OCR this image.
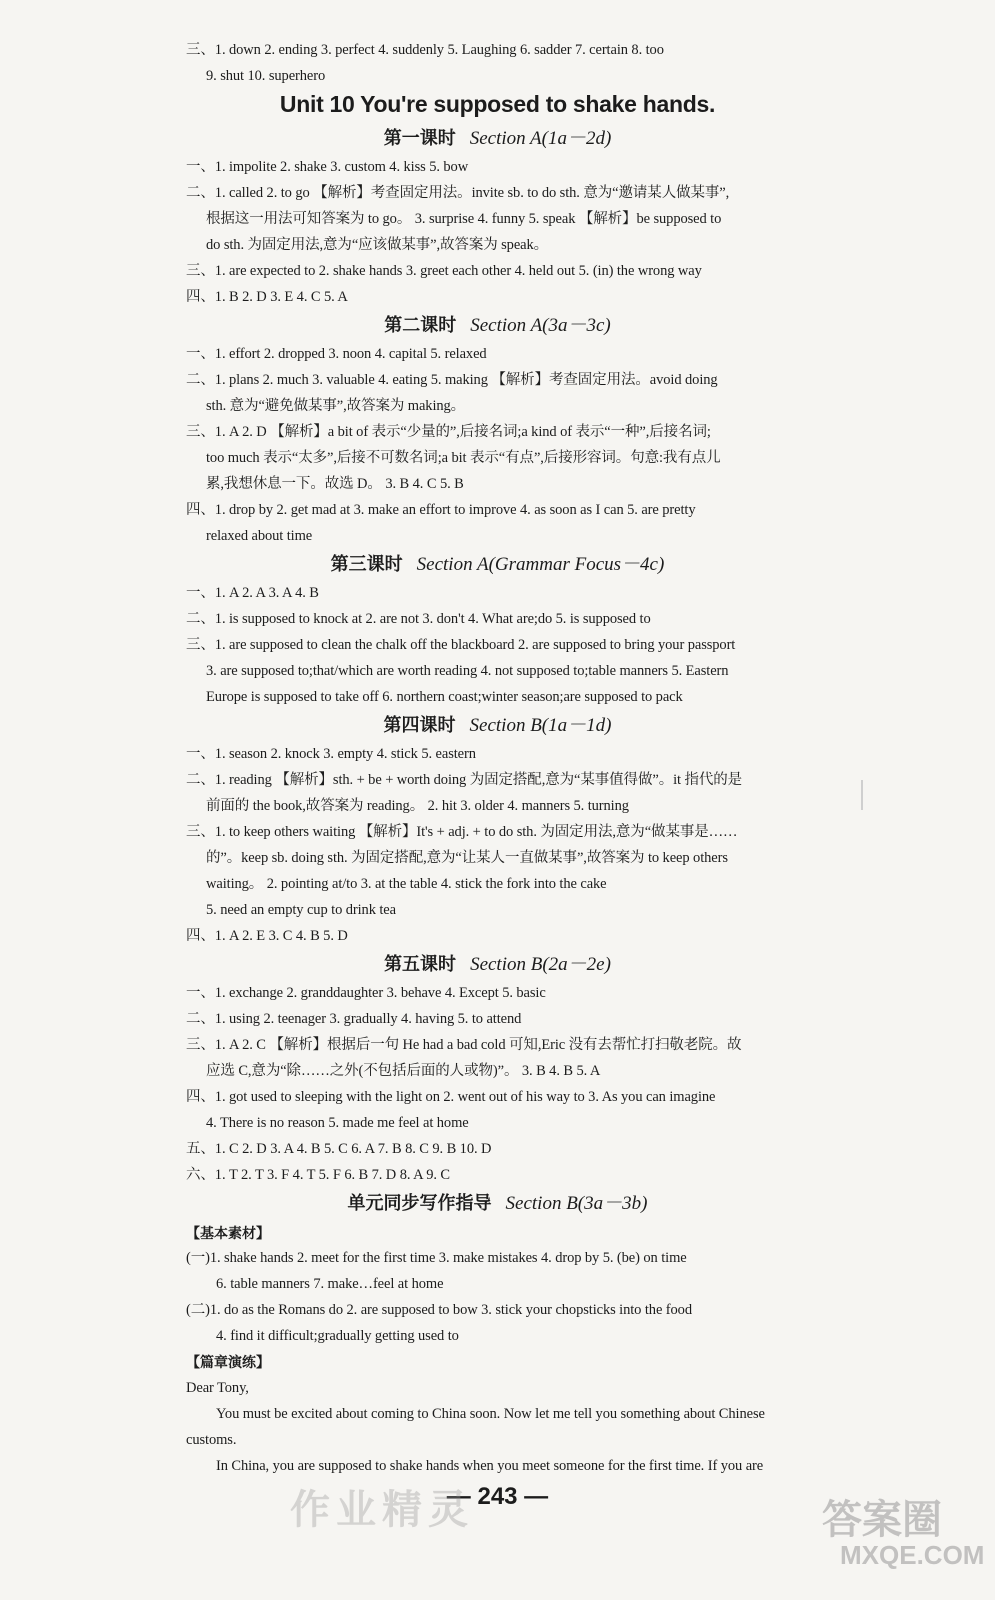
三、1. down 2. ending 3. perfect 4. suddenly 5. Laughing 6. sadder 7. certain 8. too
9. shut 10. superhero
Unit 10 You're supposed to shake hands.
第一课时 Section A(1a－2d)
一、1. impolite 2. shake 3. custom 4. kiss 5. bow
二、1. called 2. to go 【解析】考查固定用法。invite sb. to do sth. 意为“邀请某人做某事”,
根据这一用法可知答案为 to go。 3. surprise 4. funny 5. speak 【解析】be supposed to
do sth. 为固定用法,意为“应该做某事”,故答案为 speak。
三、1. are expected to 2. shake hands 3. greet each other 4. held out 5. (in) the wrong way
四、1. B 2. D 3. E 4. C 5. A
第二课时 Section A(3a－3c)
一、1. effort 2. dropped 3. noon 4. capital 5. relaxed
二、1. plans 2. much 3. valuable 4. eating 5. making 【解析】考查固定用法。avoid doing
sth. 意为“避免做某事”,故答案为 making。
三、1. A 2. D 【解析】a bit of 表示“少量的”,后接名词;a kind of 表示“一种”,后接名词;
too much 表示“太多”,后接不可数名词;a bit 表示“有点”,后接形容词。句意:我有点儿
累,我想休息一下。故选 D。 3. B 4. C 5. B
四、1. drop by 2. get mad at 3. make an effort to improve 4. as soon as I can 5. are pretty
relaxed about time
第三课时 Section A(Grammar Focus－4c)
一、1. A 2. A 3. A 4. B
二、1. is supposed to knock at 2. are not 3. don't 4. What are;do 5. is supposed to
三、1. are supposed to clean the chalk off the blackboard 2. are supposed to bring your passport
3. are supposed to;that/which are worth reading 4. not supposed to;table manners 5. Eastern
Europe is supposed to take off 6. northern coast;winter season;are supposed to pack
第四课时 Section B(1a－1d)
一、1. season 2. knock 3. empty 4. stick 5. eastern
二、1. reading 【解析】sth. + be + worth doing 为固定搭配,意为“某事值得做”。it 指代的是
前面的 the book,故答案为 reading。 2. hit 3. older 4. manners 5. turning
三、1. to keep others waiting 【解析】It's + adj. + to do sth. 为固定用法,意为“做某事是……
的”。keep sb. doing sth. 为固定搭配,意为“让某人一直做某事”,故答案为 to keep others
waiting。 2. pointing at/to 3. at the table 4. stick the fork into the cake
5. need an empty cup to drink tea
四、1. A 2. E 3. C 4. B 5. D
第五课时 Section B(2a－2e)
一、1. exchange 2. granddaughter 3. behave 4. Except 5. basic
二、1. using 2. teenager 3. gradually 4. having 5. to attend
三、1. A 2. C 【解析】根据后一句 He had a bad cold 可知,Eric 没有去帮忙打扫敬老院。故
应选 C,意为“除……之外(不包括后面的人或物)”。 3. B 4. B 5. A
四、1. got used to sleeping with the light on 2. went out of his way to 3. As you can imagine
4. There is no reason 5. made me feel at home
五、1. C 2. D 3. A 4. B 5. C 6. A 7. B 8. C 9. B 10. D
六、1. T 2. T 3. F 4. T 5. F 6. B 7. D 8. A 9. C
单元同步写作指导 Section B(3a－3b)
【基本素材】
(一)1. shake hands 2. meet for the first time 3. make mistakes 4. drop by 5. (be) on time
6. table manners 7. make…feel at home
(二)1. do as the Romans do 2. are supposed to bow 3. stick your chopsticks into the food
4. find it difficult;gradually getting used to
【篇章演练】
Dear Tony,
You must be excited about coming to China soon. Now let me tell you something about Chinese
customs.
In China, you are supposed to shake hands when you meet someone for the first time. If you are
— 243 —
作业精灵	答案圈
MXQE.COM
